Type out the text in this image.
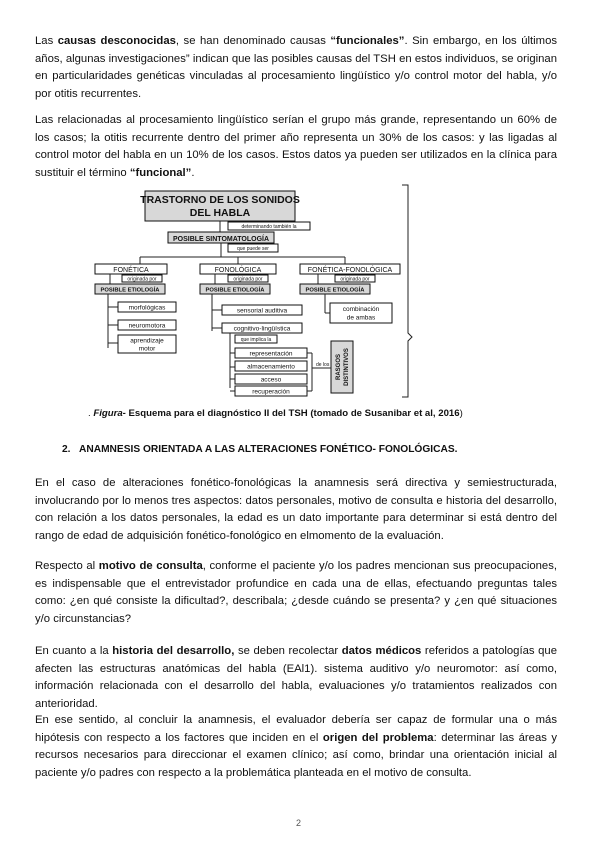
Las causas desconocidas, se han denominado causas “funcionales”. Sin embargo, en los últimos años, algunas investigaciones” indican que las posibles causas del TSH en estos individuos, se originan en particularidades genéticas vinculadas al procesamiento lingüístico y/o control motor del habla, y/o por otitis recurrentes.

Las relacionadas al procesamiento lingüístico serían el grupo más grande, representando un 60% de los casos; la otitis recurrente dentro del primer año representa un 30% de los casos: y las ligadas al control motor del habla en un 10% de los casos. Estos datos ya pueden ser utilizados en la clínica para sustituir el término “funcional”.

TRASTORNO DE LOS SONIDOS
DEL HABLA
determinando también la
POSIBLE SINTOMATOLOGÍA
que puede ser
FONÉTICA	FONOLÓGICA	FONÉTICA-FONOLÓGICA
originada por	originada por	originada por
POSIBLE ETIOLOGÍA	POSIBLE ETIOLOGÍA	POSIBLE ETIOLOGÍA
morfológicas
neuromotora
aprendizaje
motor
sensorial auditiva
cognitivo-lingüística
combinación
de ambas
que implica la
representación
almacenamiento
acceso
recuperación
de los RASGOS DISTINTIVOS
. Figura- Esquema para el diagnóstico II del TSH (tomado de Susanibar et al, 2016)
2. ANAMNESIS ORIENTADA A LAS ALTERACIONES FONÉTICO- FONOLÓGICAS.

En el caso de alteraciones fonético-fonológicas la anamnesis será directiva y semiestructurada, involucrando por lo menos tres aspectos: datos personales, motivo de consulta e historia del desarrollo, con relación a los datos personales, la edad es un dato importante para determinar si está dentro del rango de edad de adquisición fonético-fonológico en elmomento de la evaluación.

Respecto al motivo de consulta, conforme el paciente y/o los padres mencionan sus preocupaciones, es indispensable que el entrevistador profundice en cada una de ellas, efectuando preguntas tales como: ¿en qué consiste la dificultad?, describala; ¿desde cuándo se presenta? y ¿en qué situaciones y/o circunstancias?

En cuanto a la historia del desarrollo, se deben recolectar datos médicos referidos a patologías que afecten las estructuras anatómicas del habla (EAl1). sistema auditivo y/o neuromotor: así como, información relacionada con el desarrollo del habla, evaluaciones y/o tratamientos realizados con anterioridad.

En ese sentido, al concluir la anamnesis, el evaluador debería ser capaz de formular una o más hipótesis con respecto a los factores que inciden en el origen del problema: determinar las áreas y recursos necesarios para direccionar el examen clínico; así como, brindar una orientación inicial al paciente y/o padres con respecto a la problemática planteada en el motivo de consulta.

2
